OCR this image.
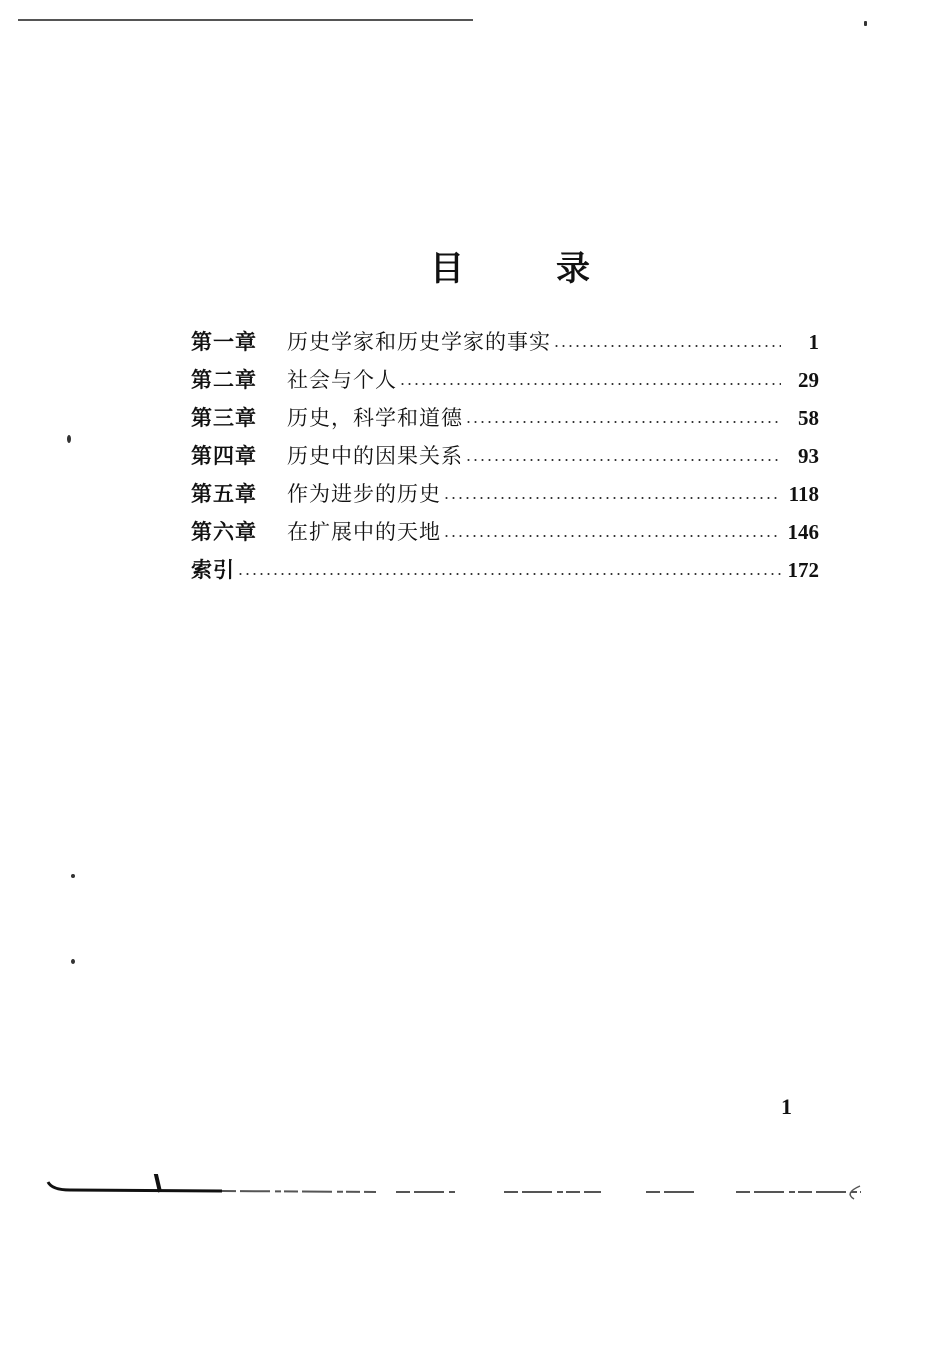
目	录
第一章	历史学家和历史学家的事实	1
第二章	社会与个人	29
第三章	历史，科学和道德	58
第四章	历史中的因果关系	93
第五章	作为进步的历史	118
第六章	在扩展中的天地	146
索引	172
1
